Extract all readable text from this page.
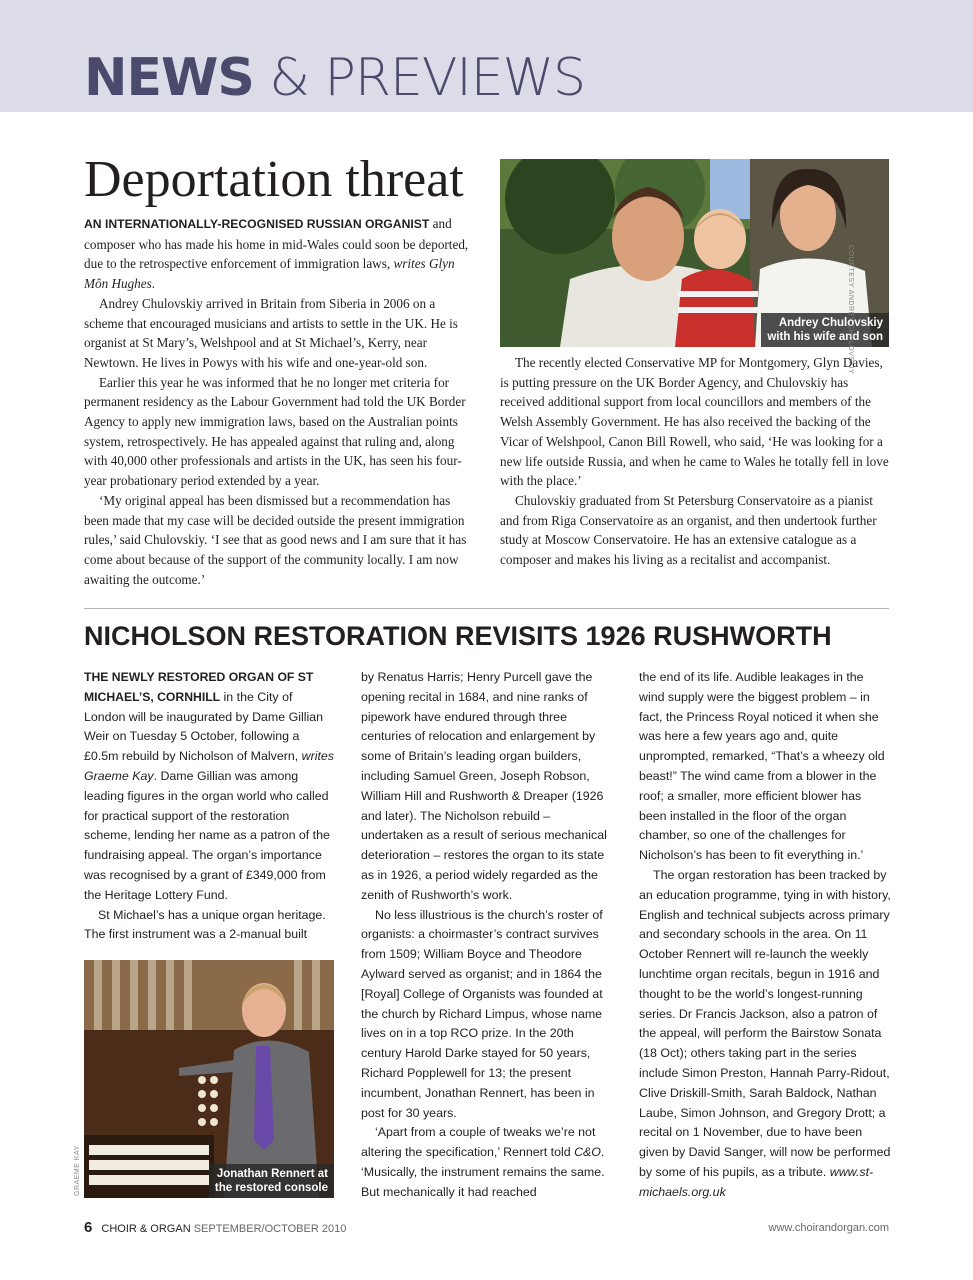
NEWS & PREVIEWS
Deportation threat

AN INTERNATIONALLY-RECOGNISED RUSSIAN ORGANIST and composer who has made his home in mid-Wales could soon be deported, due to the retrospective enforcement of immigration laws, writes Glyn Môn Hughes.

Andrey Chulovskiy arrived in Britain from Siberia in 2006 on a scheme that encouraged musicians and artists to settle in the UK. He is organist at St Mary’s, Welshpool and at St Michael’s, Kerry, near Newtown. He lives in Powys with his wife and one-year-old son.

Earlier this year he was informed that he no longer met criteria for permanent residency as the Labour Government had told the UK Border Agency to apply new immigration laws, based on the Australian points system, retrospectively. He has appealed against that ruling and, along with 40,000 other professionals and artists in the UK, has seen his four-year probationary period extended by a year.

‘My original appeal has been dismissed but a recommendation has been made that my case will be decided outside the present immigration rules,’ said Chulovskiy. ‘I see that as good news and I am sure that it has come about because of the support of the community locally. I am now awaiting the outcome.’

Andrey Chulovskiy
with his wife and son
COURTESY ANDREY CHULOVSKIY

The recently elected Conservative MP for Montgomery, Glyn Davies, is putting pressure on the UK Border Agency, and Chulovskiy has received additional support from local councillors and members of the Welsh Assembly Government. He has also received the backing of the Vicar of Welshpool, Canon Bill Rowell, who said, ‘He was looking for a new life outside Russia, and when he came to Wales he totally fell in love with the place.’

Chulovskiy graduated from St Petersburg Conservatoire as a pianist and from Riga Conservatoire as an organist, and then undertook further study at Moscow Conservatoire. He has an extensive catalogue as a composer and makes his living as a recitalist and accompanist.

NICHOLSON RESTORATION REVISITS 1926 RUSHWORTH

THE NEWLY RESTORED ORGAN OF ST MICHAEL’S, CORNHILL in the City of London will be inaugurated by Dame Gillian Weir on Tuesday 5 October, following a £0.5m rebuild by Nicholson of Malvern, writes Graeme Kay. Dame Gillian was among leading figures in the organ world who called for practical support of the restoration scheme, lending her name as a patron of the fundraising appeal. The organ’s importance was recognised by a grant of £349,000 from the Heritage Lottery Fund.

St Michael’s has a unique organ heritage. The first instrument was a 2-manual built

Jonathan Rennert at
the restored console
GRAEME KAY

by Renatus Harris; Henry Purcell gave the opening recital in 1684, and nine ranks of pipework have endured through three centuries of relocation and enlargement by some of Britain’s leading organ builders, including Samuel Green, Joseph Robson, William Hill and Rushworth & Dreaper (1926 and later). The Nicholson rebuild – undertaken as a result of serious mechanical deterioration – restores the organ to its state as in 1926, a period widely regarded as the zenith of Rushworth’s work.

No less illustrious is the church’s roster of organists: a choirmaster’s contract survives from 1509; William Boyce and Theodore Aylward served as organist; and in 1864 the [Royal] College of Organists was founded at the church by Richard Limpus, whose name lives on in a top RCO prize. In the 20th century Harold Darke stayed for 50 years, Richard Popplewell for 13; the present incumbent, Jonathan Rennert, has been in post for 30 years.

‘Apart from a couple of tweaks we’re not altering the specification,’ Rennert told C&O. ‘Musically, the instrument remains the same. But mechanically it had reached

the end of its life. Audible leakages in the wind supply were the biggest problem – in fact, the Princess Royal noticed it when she was here a few years ago and, quite unprompted, remarked, “That’s a wheezy old beast!” The wind came from a blower in the roof; a smaller, more efficient blower has been installed in the floor of the organ chamber, so one of the challenges for Nicholson’s has been to fit everything in.’

The organ restoration has been tracked by an education programme, tying in with history, English and technical subjects across primary and secondary schools in the area. On 11 October Rennert will re-launch the weekly lunchtime organ recitals, begun in 1916 and thought to be the world’s longest-running series. Dr Francis Jackson, also a patron of the appeal, will perform the Bairstow Sonata (18 Oct); others taking part in the series include Simon Preston, Hannah Parry-Ridout, Clive Driskill-Smith, Sarah Baldock, Nathan Laube, Simon Johnson, and Gregory Drott; a recital on 1 November, due to have been given by David Sanger, will now be performed by some of his pupils, as a tribute. www.st-michaels.org.uk

6 CHOIR & ORGAN SEPTEMBER/OCTOBER 2010	www.choirandorgan.com
